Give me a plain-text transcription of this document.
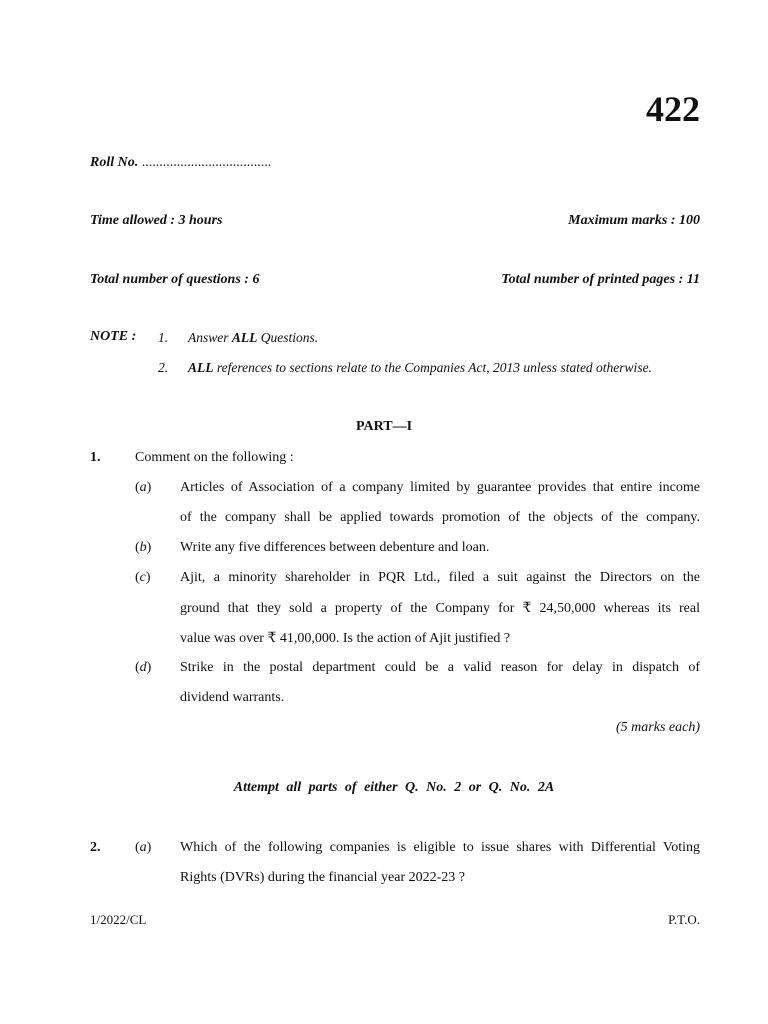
422
Roll No. .....................................
Time allowed : 3 hours	Maximum marks : 100
Total number of questions : 6	Total number of printed pages : 11
NOTE : 1. Answer ALL Questions.
2. ALL references to sections relate to the Companies Act, 2013 unless stated otherwise.
PART—I
1. Comment on the following :
(a) Articles of Association of a company limited by guarantee provides that entire income
of the company shall be applied towards promotion of the objects of the company.
(b) Write any five differences between debenture and loan.
(c) Ajit, a minority shareholder in PQR Ltd., filed a suit against the Directors on the
ground that they sold a property of the Company for ₹ 24,50,000 whereas its real
value was over ₹ 41,00,000. Is the action of Ajit justified ?
(d) Strike in the postal department could be a valid reason for delay in dispatch of
dividend warrants.
(5 marks each)
Attempt all parts of either Q. No. 2 or Q. No. 2A
2. (a) Which of the following companies is eligible to issue shares with Differential Voting
Rights (DVRs) during the financial year 2022-23 ?
1/2022/CL	P.T.O.
